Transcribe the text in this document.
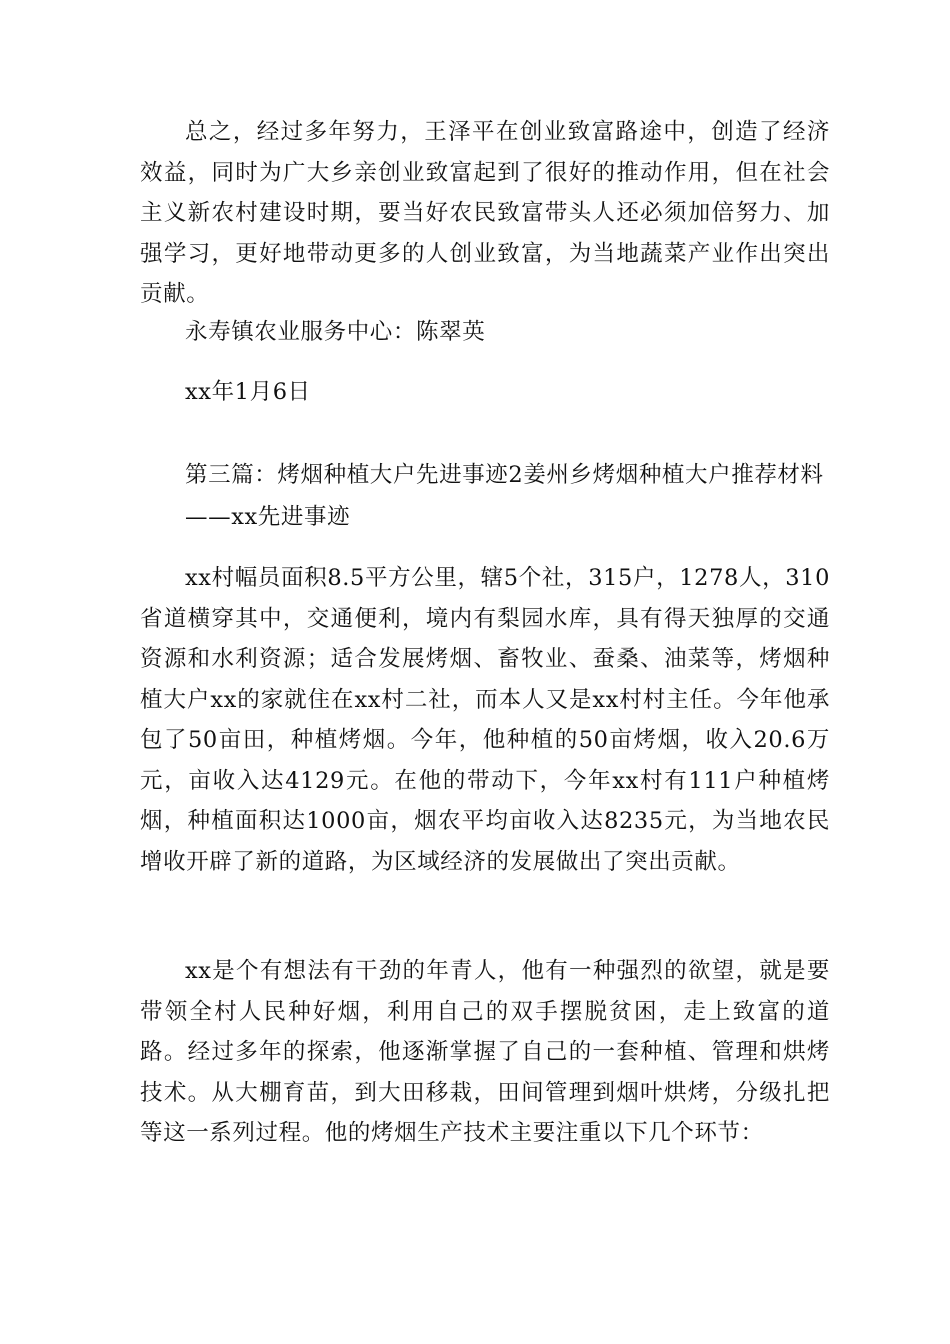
总之，经过多年努力，王泽平在创业致富路途中，创造了经济效益，同时为广大乡亲创业致富起到了很好的推动作用，但在社会主义新农村建设时期，要当好农民致富带头人还必须加倍努力、加强学习，更好地带动更多的人创业致富，为当地蔬菜产业作出突出贡献。

永寿镇农业服务中心：陈翠英
xx年1月6日
第三篇：烤烟种植大户先进事迹2姜州乡烤烟种植大户推荐材料
——xx先进事迹

xx村幅员面积8.5平方公里，辖5个社，315户，1278人，310省道横穿其中，交通便利，境内有梨园水库，具有得天独厚的交通资源和水利资源；适合发展烤烟、畜牧业、蚕桑、油菜等，烤烟种植大户xx的家就住在xx村二社，而本人又是xx村村主任。今年他承包了50亩田，种植烤烟。今年，他种植的50亩烤烟，收入20.6万元，亩收入达4129元。在他的带动下，今年xx村有111户种植烤烟，种植面积达1000亩，烟农平均亩收入达8235元，为当地农民增收开辟了新的道路，为区域经济的发展做出了突出贡献。

xx是个有想法有干劲的年青人，他有一种强烈的欲望，就是要带领全村人民种好烟，利用自己的双手摆脱贫困，走上致富的道路。经过多年的探索，他逐渐掌握了自己的一套种植、管理和烘烤技术。从大棚育苗，到大田移栽，田间管理到烟叶烘烤，分级扎把等这一系列过程。他的烤烟生产技术主要注重以下几个环节：
